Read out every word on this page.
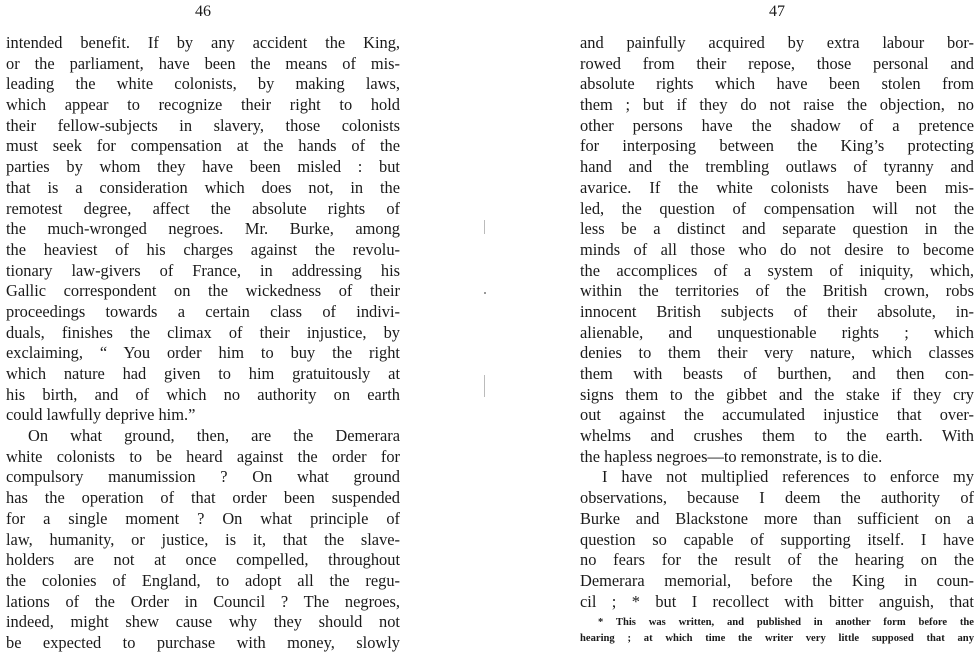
46
intended benefit. If by any accident the King,
or the parliament, have been the means of mis-
leading the white colonists, by making laws,
which appear to recognize their right to hold
their fellow-subjects in slavery, those colonists
must seek for compensation at the hands of the
parties by whom they have been misled : but
that is a consideration which does not, in the
remotest degree, affect the absolute rights of
the much-wronged negroes. Mr. Burke, among
the heaviest of his charges against the revolu-
tionary law-givers of France, in addressing his
Gallic correspondent on the wickedness of their
proceedings towards a certain class of indivi-
duals, finishes the climax of their injustice, by
exclaiming, “ You order him to buy the right
which nature had given to him gratuitously at
his birth, and of which no authority on earth
could lawfully deprive him.”
On what ground, then, are the Demerara
white colonists to be heard against the order for
compulsory manumission ? On what ground
has the operation of that order been suspended
for a single moment ? On what principle of
law, humanity, or justice, is it, that the slave-
holders are not at once compelled, throughout
the colonies of England, to adopt all the regu-
lations of the Order in Council ? The negroes,
indeed, might shew cause why they should not
be expected to purchase with money, slowly
47
and painfully acquired by extra labour bor-
rowed from their repose, those personal and
absolute rights which have been stolen from
them ; but if they do not raise the objection, no
other persons have the shadow of a pretence
for interposing between the King’s protecting
hand and the trembling outlaws of tyranny and
avarice. If the white colonists have been mis-
led, the question of compensation will not the
less be a distinct and separate question in the
minds of all those who do not desire to become
the accomplices of a system of iniquity, which,
within the territories of the British crown, robs
innocent British subjects of their absolute, in-
alienable, and unquestionable rights ; which
denies to them their very nature, which classes
them with beasts of burthen, and then con-
signs them to the gibbet and the stake if they cry
out against the accumulated injustice that over-
whelms and crushes them to the earth. With
the hapless negroes—to remonstrate, is to die.
I have not multiplied references to enforce my
observations, because I deem the authority of
Burke and Blackstone more than sufficient on a
question so capable of supporting itself. I have
no fears for the result of the hearing on the
Demerara memorial, before the King in coun-
cil ; * but I recollect with bitter anguish, that
* This was written, and published in another form before the
hearing ; at which time the writer very little supposed that any
